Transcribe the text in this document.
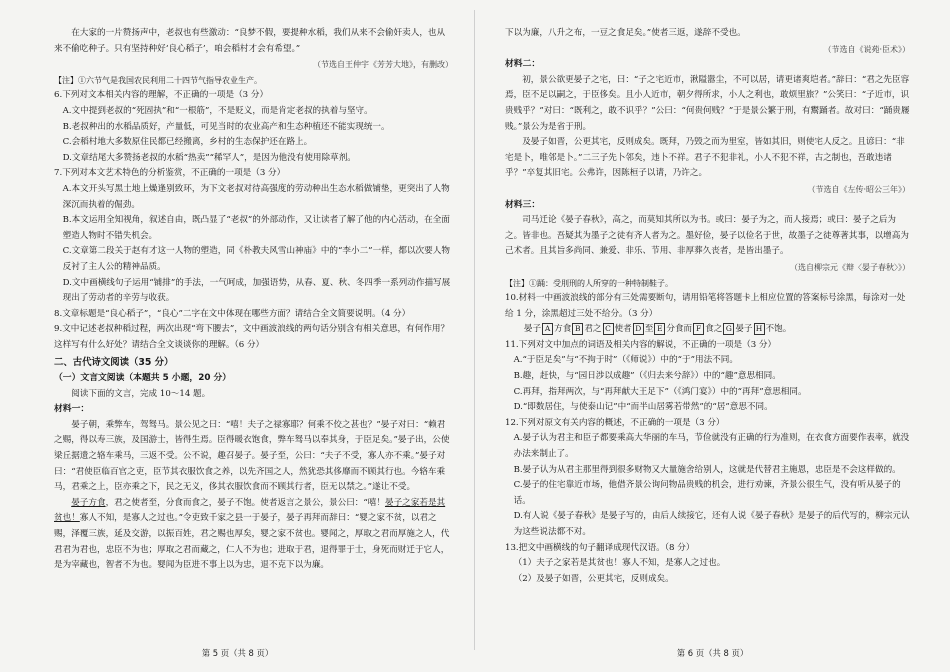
在大家的一片赞扬声中，老叔也有些激动：“良梦不假，要提种水稻，我们从来不会偷奸卖人，也从来不偷吃种子。只有坚持种好‘良心稻子’，咱会稻村才会有希望。”

（节选自王仲宇《芳芳大地》，有删改）

【注】①六节气是我国农民利用二十四节气指导农业生产。

6.下列对文本相关内容的理解，不正确的一项是（3 分）

A.文中提到老叔的“死固执”和“一根筋”，不是贬义，而是肯定老叔的执着与坚守。

B.老叔种出的水稻品质好，产量低，可见当时的农业高产和生态种植还不能实现统一。

C.会稻村地大多数原住民都已经搬离，乡村的生态保护还在路上。

D.文章结尾大多赞扬老叔的水稻“热卖”“稀罕人”，是因为他没有使用除草剂。

7.下列对本文艺术特色的分析鉴赏，不正确的一项是（3 分）

A.本文开头写黑土地上燥逢别致环，为下文老叔对待高强度的劳动种出生态水稻做铺垫，更突出了人物深沉而执着的倔劲。

B.本文运用全知视角，叙述自由，既凸显了“老叔”的外部动作，又让读者了解了他的内心活动，在全面塑造人物时不错失机会。

C.文章第二段关于赵有才这一人物的塑造，同《朴教夫风雪山神庙》中的“李小二”一样，都以次要人物反衬了主人公的精神品质。

D.文中画横线句子运用“铺排”的手法，一气呵成，加强语势，从春、夏、秋、冬四季一系列动作描写展现出了劳动者的辛劳与收获。

8.文章标题是“良心稻子”，“良心”二字在文中体现在哪些方面？请结合全文简要说明。（4 分）

9.文中记述老叔种稻过程，两次出现“弯下腰去”，文中画波浪线的两句话分别含有相关意思，有何作用？这样写有什么好处？请结合全文谈谈你的理解。（6 分）

二、古代诗文阅读（35 分）

（一）文言文阅读（本题共 5 小题，20 分）

阅读下面的文言，完成 10～14 题。

材料一：

晏子朝，乘弊车，驾驽马。景公见之曰：“嘻！夫子之禄寡耶？何乘不佼之甚也？”晏子对曰：“赖君之赐，得以寿三族，及国游士，皆得生焉。臣得暖衣饱食，弊车驽马以奉其身，于臣足矣。”晏子出，公使梁丘据遗之辂车乘马，三返不受。公不说，趣召晏子。晏子至，公曰：“夫子不受，寡人亦不乘。”晏子对曰：“君使臣临百官之吏，臣节其衣服饮食之养，以先齐国之人，然犹恐其侈靡而不顾其行也。今辂车乘马，君乘之上，臣亦乘之下，民之无义，侈其衣服饮食而不顾其行者，臣无以禁之。”遂让不受。

晏子方食，君之使者至，分食而食之，晏子不饱。使者返言之景公，景公曰：“嘻！晏子之家若是其贫也！寡人不知，是寡人之过也。”令吏致千家之县一于晏子，晏子再拜而辞曰：“婴之家不贫，以君之赐，泽覆三族，延及交游，以振百姓，君之赐也厚矣，婴之家不贫也。婴闻之，厚取之君而厚施之人，代君君为君也，忠臣不为也；厚取之君而藏之，仁人不为也；进取于君，退得罪于士，身死而财迁于它人，是为宰藏也，智者不为也。婴闻为臣进不事上以为忠，退不克下以为廉。

第 5 页（共 8 页）

下以为廉，八升之布，一豆之食足矣。”使者三返，遂辞不受也。

（节选自《说苑·臣术》）

材料二：

初，景公欲更晏子之宅，曰：“子之宅近市，湫隘嚣尘，不可以居，请更诸爽垲者。”辞曰：“君之先臣容焉，臣不足以嗣之，于臣侈矣。且小人近市，朝夕得所求，小人之利也，敢烦里旅？”公笑曰：“子近市，识贵贱乎？”对曰：“既利之，敢不识乎？”公曰：“何贵何贱？”于是景公繁于刑，有鬻踊者。故对曰：“踊贵屦贱。”景公为是省于刑。

及晏子如晋，公更其宅，反则成矣。既拜，乃毁之而为里室，皆如其旧，则使宅人反之。且谚曰：“非宅是卜，唯邻是卜。”二三子先卜邻矣，违卜不祥。君子不犯非礼，小人不犯不祥，古之制也，吾敢违诸乎？”卒复其旧宅。公弗许，因陈桓子以请，乃许之。

（节选自《左传·昭公三年》）

材料三：

司马迁论《晏子春秋》，高之，而莫知其所以为书。或曰：晏子为之，而人接焉；或曰：晏子之后为之。皆非也。吾疑其为墨子之徒有齐人者为之。墨好俭，晏子以俭名于世，故墨子之徒尊著其事，以增高为己术者。且其旨多尚同、兼爱、非乐、节用、非厚葬久丧者，是皆出墨子。

（选自柳宗元《辩〈晏子春秋〉》）

【注】①踊：受刖刑的人所穿的一种特制鞋子。

10.材料一中画波浪线的部分有三处需要断句，请用铅笔将答题卡上相应位置的答案标号涂黑，每涂对一处给 1 分，涂黑超过三处不给分。（3 分）

晏子 A 方食 B 君之 C 使者 D 至 E 分食而 F 食之 G 晏子 H 不饱。

11.下列对文中加点的词语及相关内容的解说，不正确的一项是（3 分）

A.“于臣足矣”与“不拘于时”（《师说》）中的“于”用法不同。

B.趣，赶快，与“园日涉以成趣”（《归去来兮辞》）中的“趣”意思相同。

C.再拜，指拜两次，与“再拜献大王足下”（《鸿门宴》）中的“再拜”意思相同。

D.“即数居住，与使泰山记”中“而半山居雾若带然”的“居”意思不同。

12.下列对原文有关内容的概述，不正确的一项是（3 分）

A.晏子认为君主和臣子都要乘高大华丽的车马，节俭就没有正确的行为准则，在衣食方面要作表率，就没办法来制止了。

B.晏子认为从君主那里得到很多财物又大量施舍给别人，这就是代替君主施恩，忠臣是不会这样做的。

C.晏子的住宅靠近市场，他借齐景公询问物品贵贱的机会，进行劝谏，齐景公很生气，没有听从晏子的话。

D.有人说《晏子春秋》是晏子写的，由后人续接它，还有人说《晏子春秋》是晏子的后代写的，柳宗元认为这些说法都不对。

13.把文中画横线的句子翻译成现代汉语。（8 分）

（1）夫子之家若是其贫也！寡人不知，是寡人之过也。

（2）及晏子如晋，公更其宅，反则成矣。

第 6 页（共 8 页）
